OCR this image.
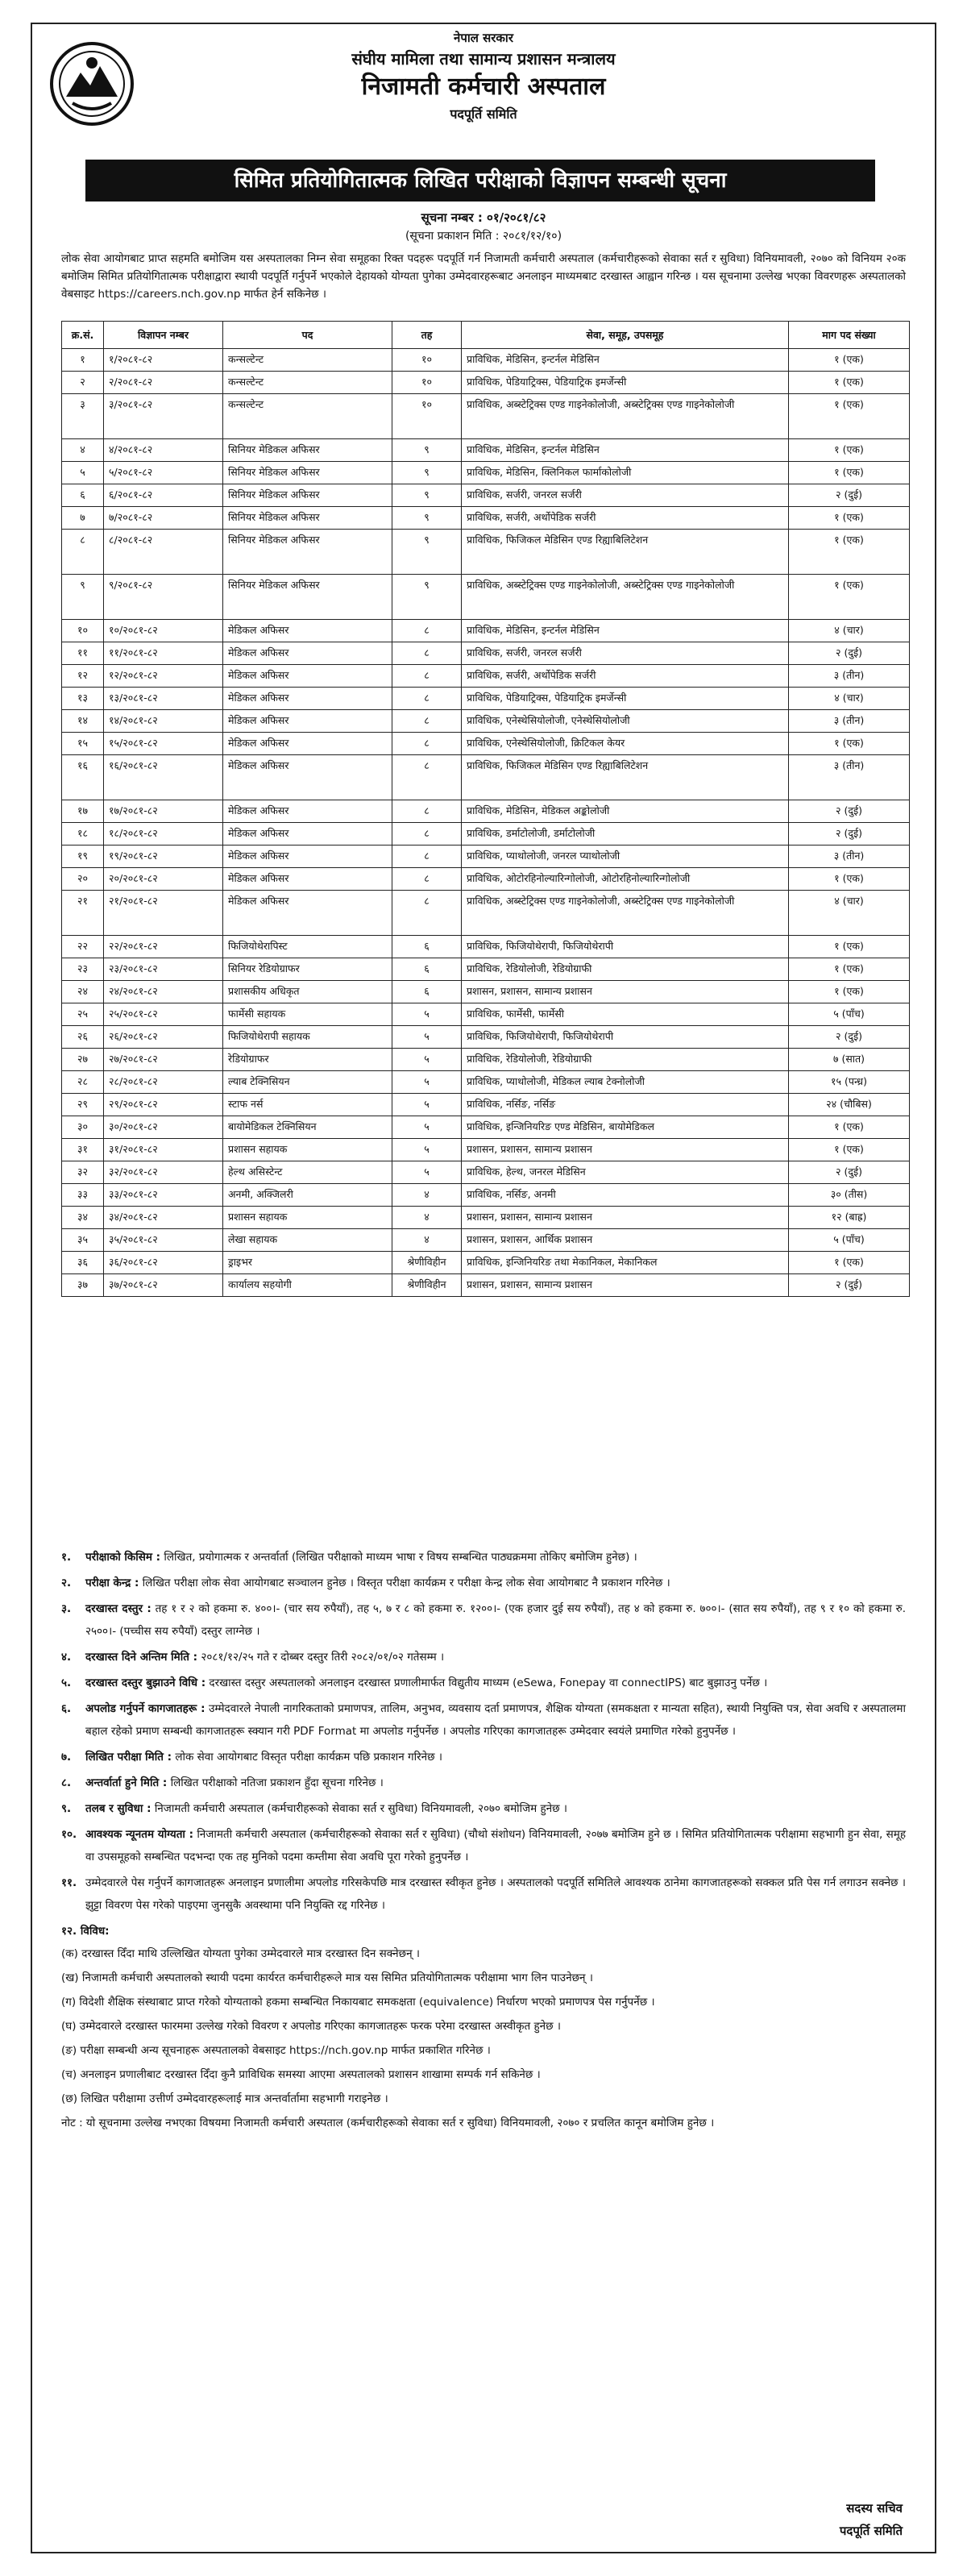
नेपाल सरकार
संघीय मामिला तथा सामान्य प्रशासन मन्त्रालय
निजामती कर्मचारी अस्पताल
पदपूर्ति समिति
सिमित प्रतियोगितात्मक लिखित परीक्षाको विज्ञापन सम्बन्धी सूचना
सूचना नम्बर : ०१/२०८१/८२
(सूचना प्रकाशन मिति : २०८१/१२/१०)
लोक सेवा आयोगबाट प्राप्त सहमति बमोजिम यस अस्पतालका निम्न सेवा समूहका रिक्त पदहरू पदपूर्ति गर्न निजामती कर्मचारी अस्पताल (कर्मचारीहरूको सेवाका सर्त र सुविधा) विनियमावली, २०७० को विनियम २०क बमोजिम सिमित प्रतियोगितात्मक परीक्षाद्वारा स्थायी पदपूर्ति गर्नुपर्ने भएकोले देहायको योग्यता पुगेका उम्मेदवारहरूबाट अनलाइन माध्यमबाट दरखास्त आह्वान गरिन्छ । यस सूचनामा उल्लेख भएका विवरणहरू अस्पतालको वेबसाइट https://careers.nch.gov.np मार्फत हेर्न सकिनेछ ।
क्र.सं.	विज्ञापन नम्बर	पद	तह	सेवा, समूह, उपसमूह	माग पद संख्या
१	१/२०८१-८२	कन्सल्टेन्ट	१०	प्राविधिक, मेडिसिन, इन्टर्नल मेडिसिन	१ (एक)
२	२/२०८१-८२	कन्सल्टेन्ट	१०	प्राविधिक, पेडियाट्रिक्स, पेडियाट्रिक इमर्जेन्सी	१ (एक)
३	३/२०८१-८२	कन्सल्टेन्ट	१०	प्राविधिक, अब्स्टेट्रिक्स एण्ड गाइनेकोलोजी, अब्स्टेट्रिक्स एण्ड गाइनेकोलोजी	१ (एक)
४	४/२०८१-८२	सिनियर मेडिकल अफिसर	९	प्राविधिक, मेडिसिन, इन्टर्नल मेडिसिन	१ (एक)
५	५/२०८१-८२	सिनियर मेडिकल अफिसर	९	प्राविधिक, मेडिसिन, क्लिनिकल फार्माकोलोजी	१ (एक)
६	६/२०८१-८२	सिनियर मेडिकल अफिसर	९	प्राविधिक, सर्जरी, जनरल सर्जरी	२ (दुई)
७	७/२०८१-८२	सिनियर मेडिकल अफिसर	९	प्राविधिक, सर्जरी, अर्थोपेडिक सर्जरी	१ (एक)
८	८/२०८१-८२	सिनियर मेडिकल अफिसर	९	प्राविधिक, फिजिकल मेडिसिन एण्ड रिह्याबिलिटेशन	१ (एक)
९	९/२०८१-८२	सिनियर मेडिकल अफिसर	९	प्राविधिक, अब्स्टेट्रिक्स एण्ड गाइनेकोलोजी, अब्स्टेट्रिक्स एण्ड गाइनेकोलोजी	१ (एक)
१०	१०/२०८१-८२	मेडिकल अफिसर	८	प्राविधिक, मेडिसिन, इन्टर्नल मेडिसिन	४ (चार)
११	११/२०८१-८२	मेडिकल अफिसर	८	प्राविधिक, सर्जरी, जनरल सर्जरी	२ (दुई)
१२	१२/२०८१-८२	मेडिकल अफिसर	८	प्राविधिक, सर्जरी, अर्थोपेडिक सर्जरी	३ (तीन)
१३	१३/२०८१-८२	मेडिकल अफिसर	८	प्राविधिक, पेडियाट्रिक्स, पेडियाट्रिक इमर्जेन्सी	४ (चार)
१४	१४/२०८१-८२	मेडिकल अफिसर	८	प्राविधिक, एनेस्थेसियोलोजी, एनेस्थेसियोलोजी	३ (तीन)
१५	१५/२०८१-८२	मेडिकल अफिसर	८	प्राविधिक, एनेस्थेसियोलोजी, क्रिटिकल केयर	१ (एक)
१६	१६/२०८१-८२	मेडिकल अफिसर	८	प्राविधिक, फिजिकल मेडिसिन एण्ड रिह्याबिलिटेशन	३ (तीन)
१७	१७/२०८१-८२	मेडिकल अफिसर	८	प्राविधिक, मेडिसिन, मेडिकल अङ्कोलोजी	२ (दुई)
१८	१८/२०८१-८२	मेडिकल अफिसर	८	प्राविधिक, डर्माटोलोजी, डर्माटोलोजी	२ (दुई)
१९	१९/२०८१-८२	मेडिकल अफिसर	८	प्राविधिक, प्याथोलोजी, जनरल प्याथोलोजी	३ (तीन)
२०	२०/२०८१-८२	मेडिकल अफिसर	८	प्राविधिक, ओटोरहिनोल्यारिन्गोलोजी, ओटोरहिनोल्यारिन्गोलोजी	१ (एक)
२१	२१/२०८१-८२	मेडिकल अफिसर	८	प्राविधिक, अब्स्टेट्रिक्स एण्ड गाइनेकोलोजी, अब्स्टेट्रिक्स एण्ड गाइनेकोलोजी	४ (चार)
२२	२२/२०८१-८२	फिजियोथेरापिस्ट	६	प्राविधिक, फिजियोथेरापी, फिजियोथेरापी	१ (एक)
२३	२३/२०८१-८२	सिनियर रेडियोग्राफर	६	प्राविधिक, रेडियोलोजी, रेडियोग्राफी	१ (एक)
२४	२४/२०८१-८२	प्रशासकीय अधिकृत	६	प्रशासन, प्रशासन, सामान्य प्रशासन	१ (एक)
२५	२५/२०८१-८२	फार्मेसी सहायक	५	प्राविधिक, फार्मेसी, फार्मेसी	५ (पाँच)
२६	२६/२०८१-८२	फिजियोथेरापी सहायक	५	प्राविधिक, फिजियोथेरापी, फिजियोथेरापी	२ (दुई)
२७	२७/२०८१-८२	रेडियोग्राफर	५	प्राविधिक, रेडियोलोजी, रेडियोग्राफी	७ (सात)
२८	२८/२०८१-८२	ल्याब टेक्निसियन	५	प्राविधिक, प्याथोलोजी, मेडिकल ल्याब टेक्नोलोजी	१५ (पन्ध्र)
२९	२९/२०८१-८२	स्टाफ नर्स	५	प्राविधिक, नर्सिङ, नर्सिङ	२४ (चौबिस)
३०	३०/२०८१-८२	बायोमेडिकल टेक्निसियन	५	प्राविधिक, इन्जिनियरिङ एण्ड मेडिसिन, बायोमेडिकल	१ (एक)
३१	३१/२०८१-८२	प्रशासन सहायक	५	प्रशासन, प्रशासन, सामान्य प्रशासन	१ (एक)
३२	३२/२०८१-८२	हेल्थ असिस्टेन्ट	५	प्राविधिक, हेल्थ, जनरल मेडिसिन	२ (दुई)
३३	३३/२०८१-८२	अनमी, अक्जिलरी	४	प्राविधिक, नर्सिङ, अनमी	३० (तीस)
३४	३४/२०८१-८२	प्रशासन सहायक	४	प्रशासन, प्रशासन, सामान्य प्रशासन	१२ (बाह्र)
३५	३५/२०८१-८२	लेखा सहायक	४	प्रशासन, प्रशासन, आर्थिक प्रशासन	५ (पाँच)
३६	३६/२०८१-८२	ड्राइभर	श्रेणीविहीन	प्राविधिक, इन्जिनियरिङ तथा मेकानिकल, मेकानिकल	१ (एक)
३७	३७/२०८१-८२	कार्यालय सहयोगी	श्रेणीविहीन	प्रशासन, प्रशासन, सामान्य प्रशासन	२ (दुई)
१.	परीक्षाको किसिम : लिखित, प्रयोगात्मक र अन्तर्वार्ता (लिखित परीक्षाको माध्यम भाषा र विषय सम्बन्धित पाठ्यक्रममा तोकिए बमोजिम हुनेछ) ।
२.	परीक्षा केन्द्र : लिखित परीक्षा लोक सेवा आयोगबाट सञ्चालन हुनेछ । विस्तृत परीक्षा कार्यक्रम र परीक्षा केन्द्र लोक सेवा आयोगबाट नै प्रकाशन गरिनेछ ।
३.	दरखास्त दस्तुर : तह १ र २ को हकमा रु. ४००।- (चार सय रुपैयाँ), तह ५, ७ र ८ को हकमा रु. १२००।- (एक हजार दुई सय रुपैयाँ), तह ४ को हकमा रु. ७००।- (सात सय रुपैयाँ), तह ९ र १० को हकमा रु. २५००।- (पच्चीस सय रुपैयाँ) दस्तुर लाग्नेछ ।
४.	दरखास्त दिने अन्तिम मिति : २०८१/१२/२५ गते र दोब्बर दस्तुर तिरी २०८२/०१/०२ गतेसम्म ।
५.	दरखास्त दस्तुर बुझाउने विधि : दरखास्त दस्तुर अस्पतालको अनलाइन दरखास्त प्रणालीमार्फत विद्युतीय माध्यम (eSewa, Fonepay वा connectIPS) बाट बुझाउनु पर्नेछ ।
६.	अपलोड गर्नुपर्ने कागजातहरू : उम्मेदवारले नेपाली नागरिकताको प्रमाणपत्र, तालिम, अनुभव, व्यवसाय दर्ता प्रमाणपत्र, शैक्षिक योग्यता (समकक्षता र मान्यता सहित), स्थायी नियुक्ति पत्र, सेवा अवधि र अस्पतालमा बहाल रहेको प्रमाण सम्बन्धी कागजातहरू स्क्यान गरी PDF Format मा अपलोड गर्नुपर्नेछ । अपलोड गरिएका कागजातहरू उम्मेदवार स्वयंले प्रमाणित गरेको हुनुपर्नेछ ।
७.	लिखित परीक्षा मिति : लोक सेवा आयोगबाट विस्तृत परीक्षा कार्यक्रम पछि प्रकाशन गरिनेछ ।
८.	अन्तर्वार्ता हुने मिति : लिखित परीक्षाको नतिजा प्रकाशन हुँदा सूचना गरिनेछ ।
९.	तलब र सुविधा : निजामती कर्मचारी अस्पताल (कर्मचारीहरूको सेवाका सर्त र सुविधा) विनियमावली, २०७० बमोजिम हुनेछ ।
१०. आवश्यक न्यूनतम योग्यता : निजामती कर्मचारी अस्पताल (कर्मचारीहरूको सेवाका सर्त र सुविधा) (चौथो संशोधन) विनियमावली, २०७७ बमोजिम हुने छ । सिमित प्रतियोगितात्मक परीक्षामा सहभागी हुन सेवा, समूह वा उपसमूहको सम्बन्धित पदभन्दा एक तह मुनिको पदमा कम्तीमा सेवा अवधि पूरा गरेको हुनुपर्नेछ ।
११. उम्मेदवारले पेस गर्नुपर्ने कागजातहरू अनलाइन प्रणालीमा अपलोड गरिसकेपछि मात्र दरखास्त स्वीकृत हुनेछ । अस्पतालको पदपूर्ति समितिले आवश्यक ठानेमा कागजातहरूको सक्कल प्रति पेस गर्न लगाउन सक्नेछ । झुट्टा विवरण पेस गरेको पाइएमा जुनसुकै अवस्थामा पनि नियुक्ति रद्द गरिनेछ ।
१२. विविध:
(क) दरखास्त दिँदा माथि उल्लिखित योग्यता पुगेका उम्मेदवारले मात्र दरखास्त दिन सक्नेछन् ।
(ख) निजामती कर्मचारी अस्पतालको स्थायी पदमा कार्यरत कर्मचारीहरूले मात्र यस सिमित प्रतियोगितात्मक परीक्षामा भाग लिन पाउनेछन् ।
(ग) विदेशी शैक्षिक संस्थाबाट प्राप्त गरेको योग्यताको हकमा सम्बन्धित निकायबाट समकक्षता (equivalence) निर्धारण भएको प्रमाणपत्र पेस गर्नुपर्नेछ ।
(घ) उम्मेदवारले दरखास्त फारममा उल्लेख गरेको विवरण र अपलोड गरिएका कागजातहरू फरक परेमा दरखास्त अस्वीकृत हुनेछ ।
(ङ) परीक्षा सम्बन्धी अन्य सूचनाहरू अस्पतालको वेबसाइट https://nch.gov.np मार्फत प्रकाशित गरिनेछ ।
(च) अनलाइन प्रणालीबाट दरखास्त दिँदा कुनै प्राविधिक समस्या आएमा अस्पतालको प्रशासन शाखामा सम्पर्क गर्न सकिनेछ ।
(छ) लिखित परीक्षामा उत्तीर्ण उम्मेदवारहरूलाई मात्र अन्तर्वार्तामा सहभागी गराइनेछ ।
नोट : यो सूचनामा उल्लेख नभएका विषयमा निजामती कर्मचारी अस्पताल (कर्मचारीहरूको सेवाका सर्त र सुविधा) विनियमावली, २०७० र प्रचलित कानून बमोजिम हुनेछ ।
सदस्य सचिव
पदपूर्ति समिति
